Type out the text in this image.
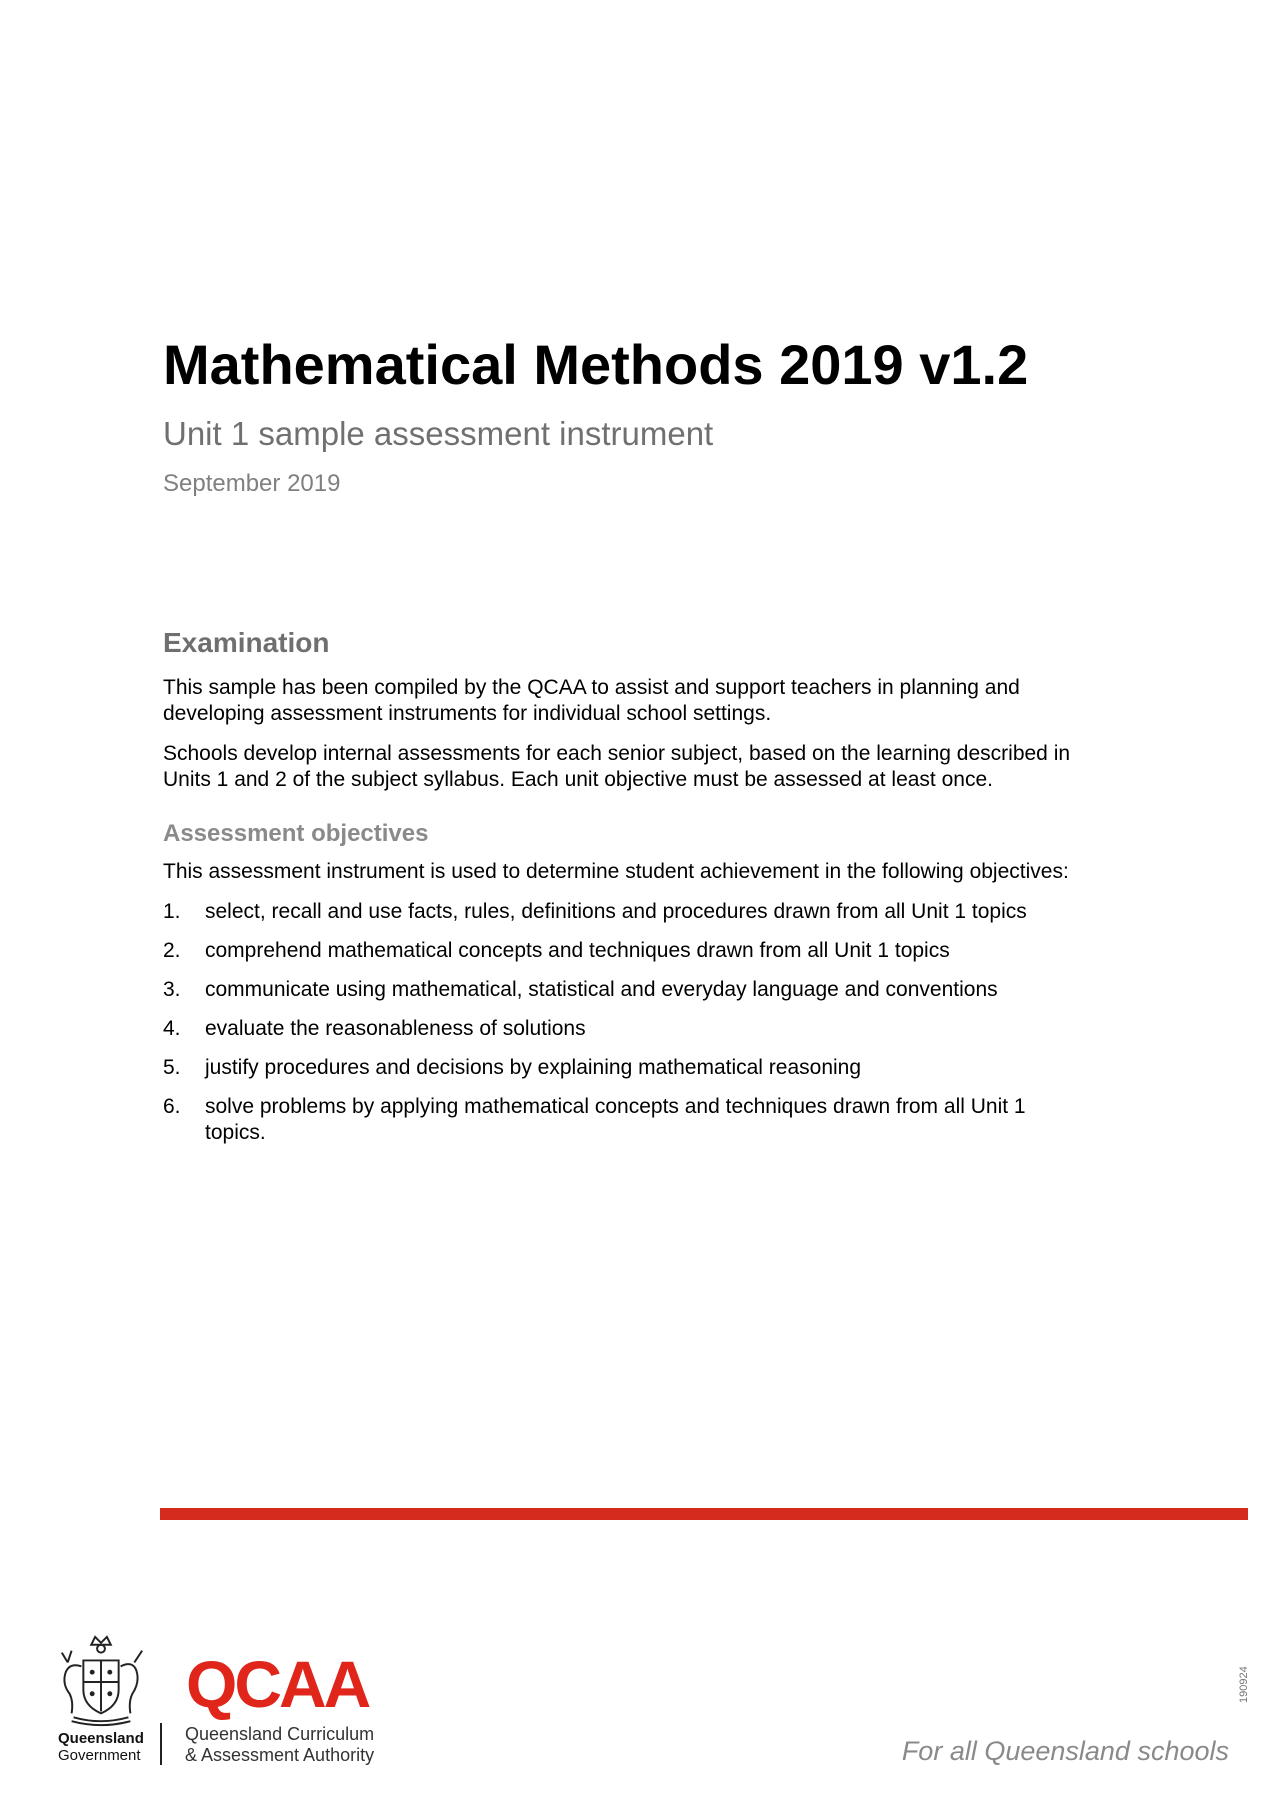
Mathematical Methods 2019 v1.2
Unit 1 sample assessment instrument
September 2019
Examination

This sample has been compiled by the QCAA to assist and support teachers in planning and developing assessment instruments for individual school settings.

Schools develop internal assessments for each senior subject, based on the learning described in Units 1 and 2 of the subject syllabus. Each unit objective must be assessed at least once.

Assessment objectives

This assessment instrument is used to determine student achievement in the following objectives:

1.	select, recall and use facts, rules, definitions and procedures drawn from all Unit 1 topics
2.	comprehend mathematical concepts and techniques drawn from all Unit 1 topics
3.	communicate using mathematical, statistical and everyday language and conventions
4.	evaluate the reasonableness of solutions
5.	justify procedures and decisions by explaining mathematical reasoning
6.	solve problems by applying mathematical concepts and techniques drawn from all Unit 1 topics.
Queensland
Government
QCAA
Queensland Curriculum
& Assessment Authority	For all Queensland schools
190924
